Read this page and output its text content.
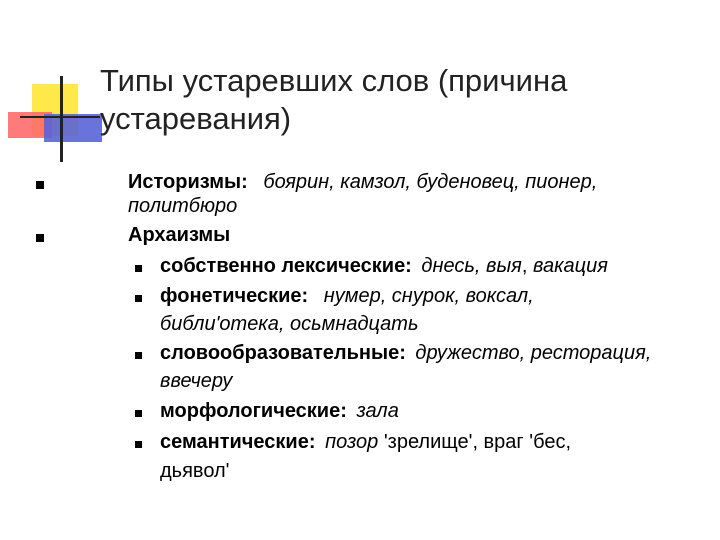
Типы устаревших слов (причина
устаревания)
Историзмы: боярин, камзол, буденовец, пионер,
политбюро
Архаизмы
собственно лексические: днесь, выя, вакация
фонетические: нумер, снурок, воксал,
библи'отека, осьмнадцать
словообразовательные: дружество, ресторация,
ввечеру
морфологические: зала
семантические: позор 'зрелище', враг 'бес,
дьявол'
